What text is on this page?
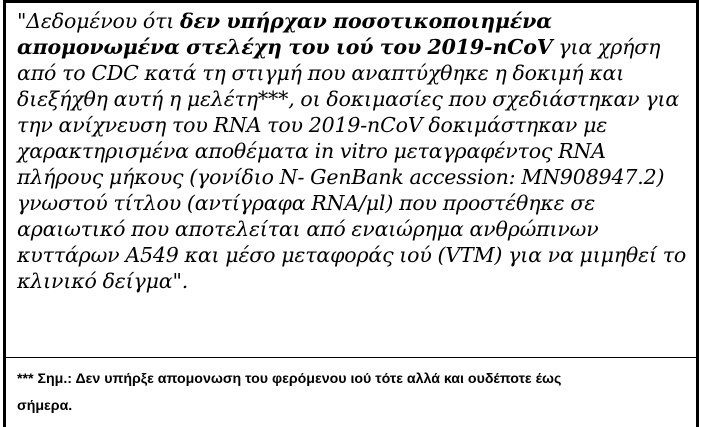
"Δεδομένου ότι δεν υπήρχαν ποσοτικοποιημένα
απομονωμένα στελέχη του ιού του 2019-nCoV για χρήση
από το CDC κατά τη στιγμή που αναπτύχθηκε η δοκιμή και
διεξήχθη αυτή η μελέτη***, οι δοκιμασίες που σχεδιάστηκαν για
την ανίχνευση του RNA του 2019-nCoV δοκιμάστηκαν με
χαρακτηρισμένα αποθέματα in vitro μεταγραφέντος RNA
πλήρους μήκους (γονίδιο N- GenBank accession: MN908947.2)
γνωστού τίτλου (αντίγραφα RNA/μl) που προστέθηκε σε
αραιωτικό που αποτελείται από εναιώρημα ανθρώπινων
κυττάρων A549 και μέσο μεταφοράς ιού (VTM) για να μιμηθεί το
κλινικό δείγμα".
*** Σημ.: Δεν υπήρξε απομονωση του φερόμενου ιού τότε αλλά και ουδέποτε έως
σήμερα.
